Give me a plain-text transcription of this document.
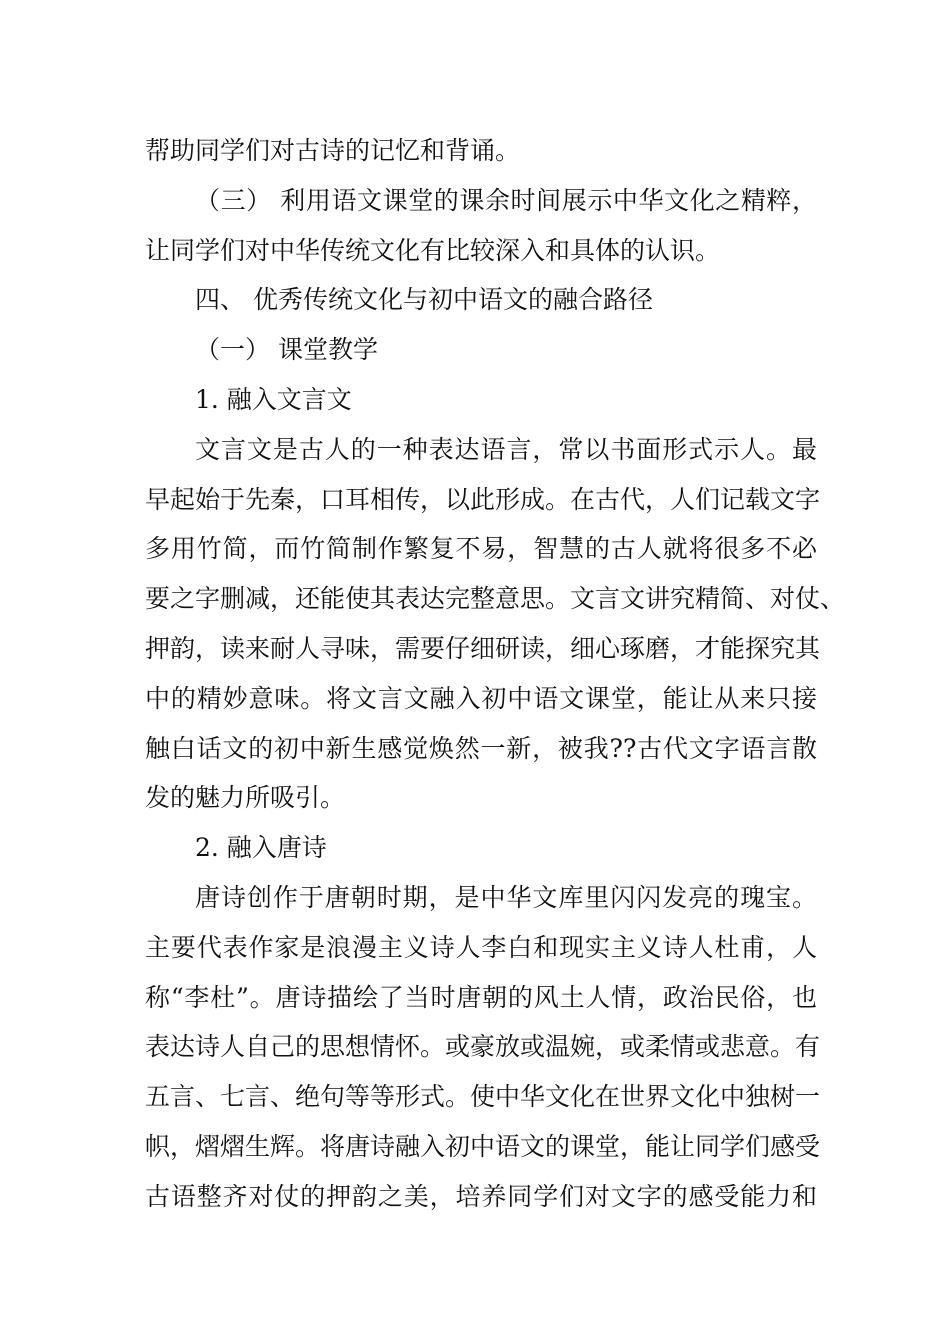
帮助同学们对古诗的记忆和背诵。
（三） 利用语文课堂的课余时间展示中华文化之精粹，
让同学们对中华传统文化有比较深入和具体的认识。
四、 优秀传统文化与初中语文的融合路径
（一） 课堂教学
1. 融入文言文
文言文是古人的一种表达语言，常以书面形式示人。最
早起始于先秦，口耳相传，以此形成。在古代，人们记载文字
多用竹简，而竹简制作繁复不易，智慧的古人就将很多不必
要之字删减，还能使其表达完整意思。文言文讲究精简、对仗、
押韵，读来耐人寻味，需要仔细研读，细心琢磨，才能探究其
中的精妙意味。将文言文融入初中语文课堂，能让从来只接
触白话文的初中新生感觉焕然一新，被我??古代文字语言散
发的魅力所吸引。
2. 融入唐诗
唐诗创作于唐朝时期，是中华文库里闪闪发亮的瑰宝。
主要代表作家是浪漫主义诗人李白和现实主义诗人杜甫，人
称“李杜”。唐诗描绘了当时唐朝的风土人情，政治民俗，也
表达诗人自己的思想情怀。或豪放或温婉，或柔情或悲意。有
五言、七言、绝句等等形式。使中华文化在世界文化中独树一
帜，熠熠生辉。将唐诗融入初中语文的课堂，能让同学们感受
古语整齐对仗的押韵之美，培养同学们对文字的感受能力和
